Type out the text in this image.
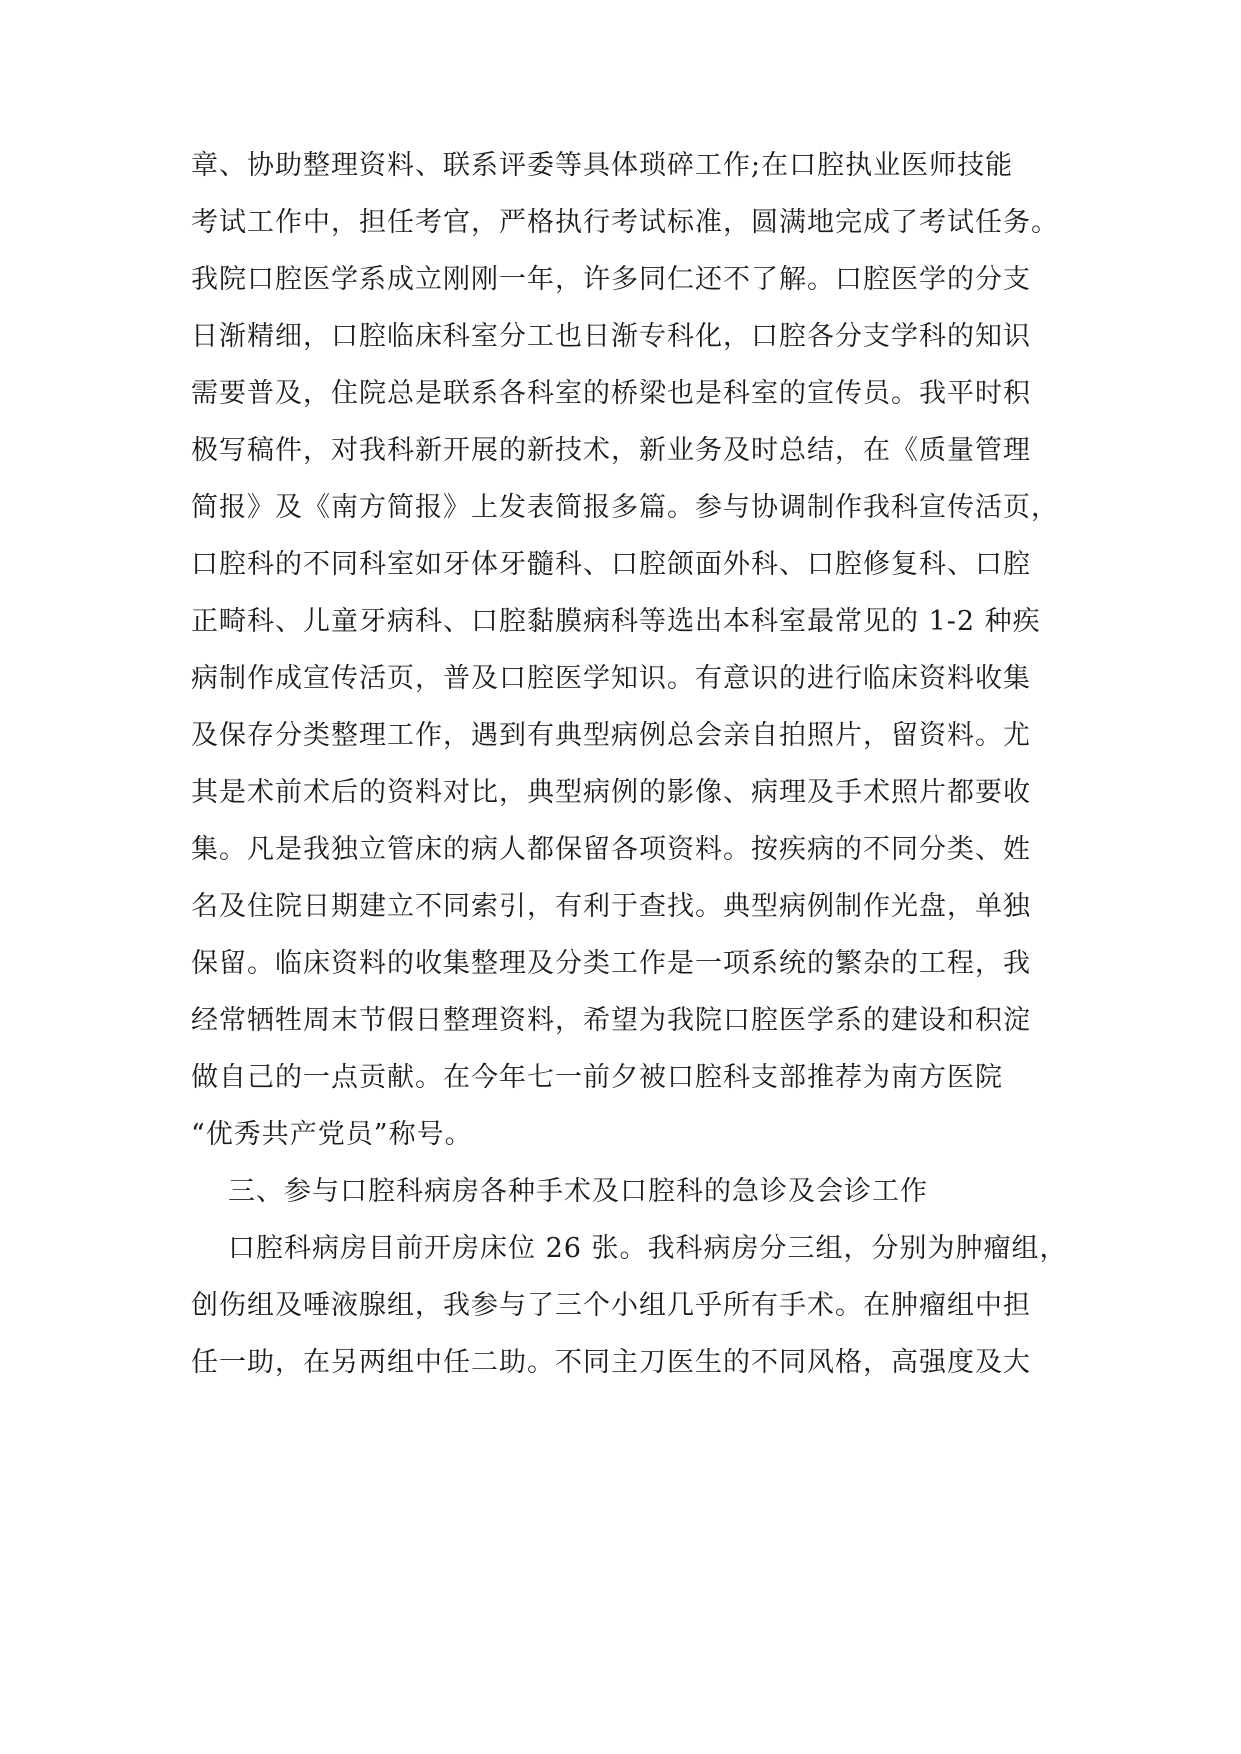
章、协助整理资料、联系评委等具体琐碎工作;在口腔执业医师技能

考试工作中，担任考官，严格执行考试标准，圆满地完成了考试任务。

我院口腔医学系成立刚刚一年，许多同仁还不了解。口腔医学的分支

日渐精细，口腔临床科室分工也日渐专科化，口腔各分支学科的知识

需要普及，住院总是联系各科室的桥梁也是科室的宣传员。我平时积

极写稿件，对我科新开展的新技术，新业务及时总结，在《质量管理

简报》及《南方简报》上发表简报多篇。参与协调制作我科宣传活页，

口腔科的不同科室如牙体牙髓科、口腔颌面外科、口腔修复科、口腔

正畸科、儿童牙病科、口腔黏膜病科等选出本科室最常见的 1-2 种疾

病制作成宣传活页，普及口腔医学知识。有意识的进行临床资料收集

及保存分类整理工作，遇到有典型病例总会亲自拍照片，留资料。尤

其是术前术后的资料对比，典型病例的影像、病理及手术照片都要收

集。凡是我独立管床的病人都保留各项资料。按疾病的不同分类、姓

名及住院日期建立不同索引，有利于查找。典型病例制作光盘，单独

保留。临床资料的收集整理及分类工作是一项系统的繁杂的工程，我

经常牺牲周末节假日整理资料，希望为我院口腔医学系的建设和积淀

做自己的一点贡献。在今年七一前夕被口腔科支部推荐为南方医院

“优秀共产党员”称号。

三、参与口腔科病房各种手术及口腔科的急诊及会诊工作

口腔科病房目前开房床位 26 张。我科病房分三组，分别为肿瘤组，

创伤组及唾液腺组，我参与了三个小组几乎所有手术。在肿瘤组中担

任一助，在另两组中任二助。不同主刀医生的不同风格，高强度及大
